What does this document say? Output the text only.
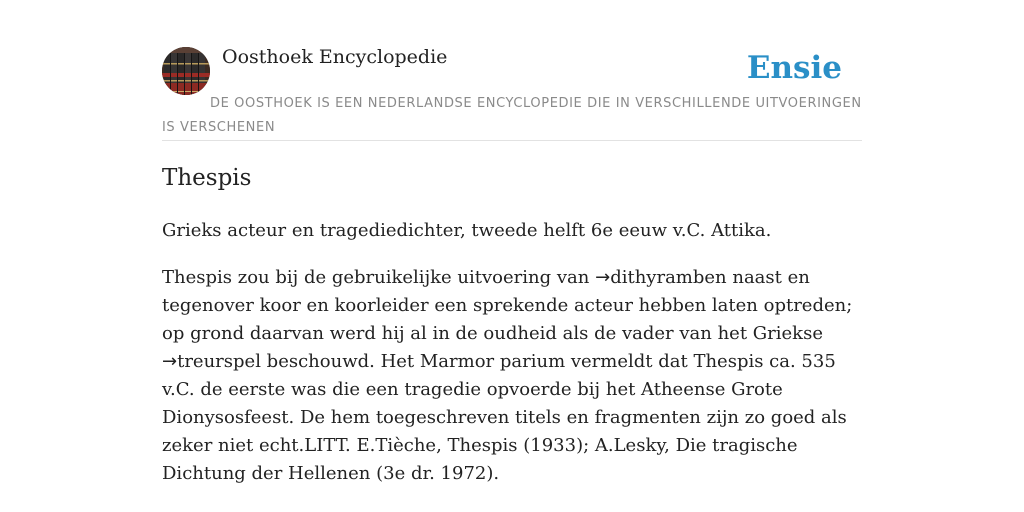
Oosthoek Encyclopedie	Ensie
DE OOSTHOEK IS EEN NEDERLANDSE ENCYCLOPEDIE DIE IN VERSCHILLENDE UITVOERINGEN IS VERSCHENEN
Thespis

Grieks acteur en tragediedichter, tweede helft 6e eeuw v.C. Attika.

Thespis zou bij de gebruikelijke uitvoering van →dithyramben naast en tegenover koor en koorleider een sprekende acteur hebben laten optreden; op grond daarvan werd hij al in de oudheid als de vader van het Griekse →treurspel beschouwd. Het Marmor parium vermeldt dat Thespis ca. 535 v.C. de eerste was die een tragedie opvoerde bij het Atheense Grote Dionysosfeest. De hem toegeschreven titels en fragmenten zijn zo goed als zeker niet echt.LITT. E.Tièche, Thespis (1933); A.Lesky, Die tragische Dichtung der Hellenen (3e dr. 1972).
